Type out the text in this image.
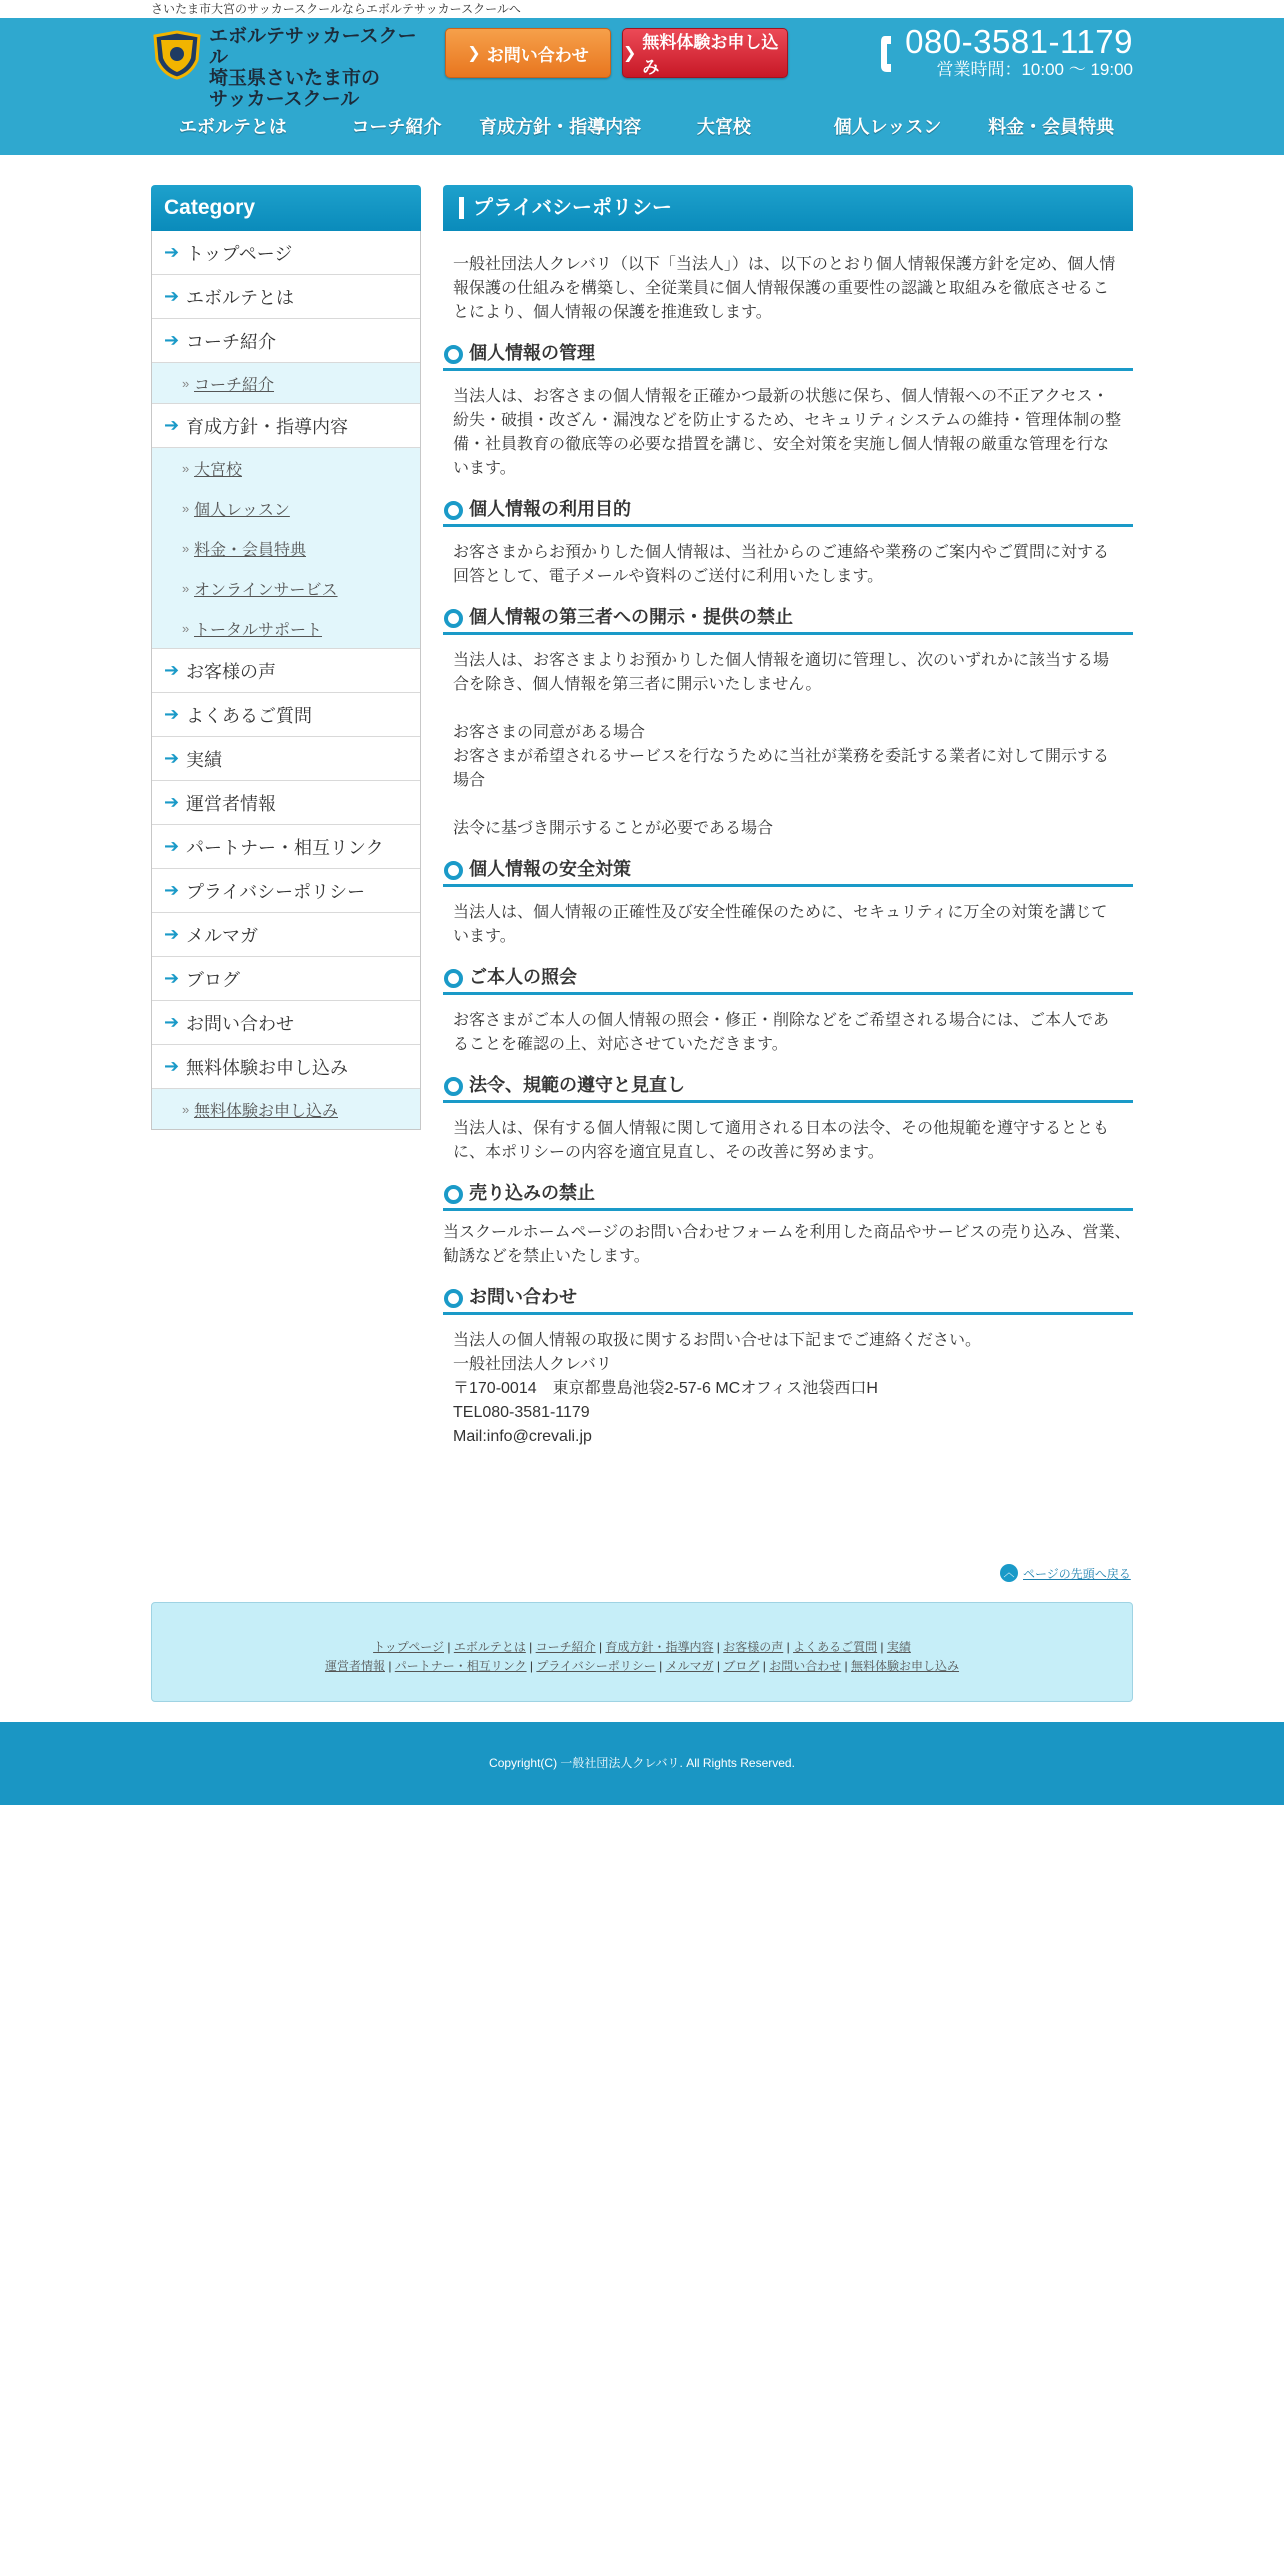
さいたま市大宮のサッカースクールならエボルテサッカースクールへ
エボルテサッカースクール
埼玉県さいたま市の
サッカースクール
❯ お問い合わせ ❯
無料体験お申し込み
080-3581-1179
営業時間：10:00 〜 19:00
エボルテとは	コーチ紹介	育成方針・指導内容	大宮校	個人レッスン	料金・会員特典
Category
➔ トップページ
➔ エボルテとは
➔ コーチ紹介
» コーチ紹介
➔ 育成方針・指導内容
» 大宮校
» 個人レッスン
» 料金・会員特典
» オンラインサービス
» トータルサポート
➔ お客様の声
➔ よくあるご質問
➔ 実績
➔ 運営者情報
➔ パートナー・相互リンク
➔ プライバシーポリシー
➔ メルマガ
➔ ブログ
➔ お問い合わせ
➔ 無料体験お申し込み
» 無料体験お申し込み
プライバシーポリシー
一般社団法人クレバリ（以下「当法人」）は、以下のとおり個人情報保護方針を定め、個人情報保護の仕組みを構築し、全従業員に個人情報保護の重要性の認識と取組みを徹底させることにより、個人情報の保護を推進致します。
個人情報の管理
当法人は、お客さまの個人情報を正確かつ最新の状態に保ち、個人情報への不正アクセス・紛失・破損・改ざん・漏洩などを防止するため、セキュリティシステムの維持・管理体制の整備・社員教育の徹底等の必要な措置を講じ、安全対策を実施し個人情報の厳重な管理を行ないます。
個人情報の利用目的
お客さまからお預かりした個人情報は、当社からのご連絡や業務のご案内やご質問に対する回答として、電子メールや資料のご送付に利用いたします。
個人情報の第三者への開示・提供の禁止
当法人は、お客さまよりお預かりした個人情報を適切に管理し、次のいずれかに該当する場合を除き、個人情報を第三者に開示いたしません。
お客さまの同意がある場合
お客さまが希望されるサービスを行なうために当社が業務を委託する業者に対して開示する場合
法令に基づき開示することが必要である場合
個人情報の安全対策
当法人は、個人情報の正確性及び安全性確保のために、セキュリティに万全の対策を講じています。
ご本人の照会
お客さまがご本人の個人情報の照会・修正・削除などをご希望される場合には、ご本人であることを確認の上、対応させていただきます。
法令、規範の遵守と見直し
当法人は、保有する個人情報に関して適用される日本の法令、その他規範を遵守するとともに、本ポリシーの内容を適宜見直し、その改善に努めます。
売り込みの禁止
当スクールホームページのお問い合わせフォームを利用した商品やサービスの売り込み、営業、勧誘などを禁止いたします。
お問い合わせ
当法人の個人情報の取扱に関するお問い合せは下記までご連絡ください。
一般社団法人クレバリ
〒170-0014　東京都豊島池袋2-57-6 MCオフィス池袋西口H
TEL080-3581-1179
Mail:info@crevali.jp
︿ ページの先頭へ戻る
トップページ | エボルテとは | コーチ紹介 | 育成方針・指導内容 | お客様の声 | よくあるご質問 | 実績
運営者情報 | パートナー・相互リンク | プライバシーポリシー | メルマガ | ブログ | お問い合わせ | 無料体験お申し込み
Copyright(C) 一般社団法人クレバリ. All Rights Reserved.
